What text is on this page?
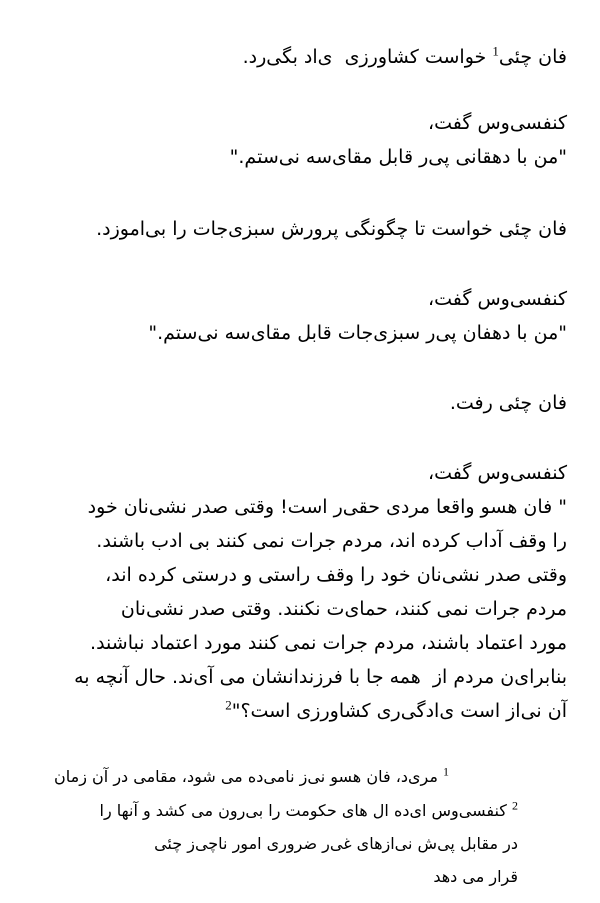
فان چئی$^1$ خواست کشاورزی  ی‌اد بگی‌رد.
کنفسی‌وس گفت،
"من با دهقانی پی‌ر قابل مقای‌سه نی‌ستم."
فان چئی خواست تا چگونگی پرورش سبزی‌جات را بی‌اموزد.
کنفسی‌وس گفت،
"من با دهفان پی‌ر سبزی‌جات قابل مقای‌سه نی‌ستم."
فان چئی رفت.
کنفسی‌وس گفت،
" فان هسو واقعا مردی حقی‌ر است! وقتی صدر نشی‌نان خود
را وقف آداب کرده اند، مردم جرات نمی کنند بی ادب باشند.
وقتی صدر نشی‌نان خود را وقف راستی و درستی کرده اند،
مردم جرات نمی کنند، حمای‌ت نکنند. وقتی صدر نشی‌نان
مورد اعتماد باشند، مردم جرات نمی کنند مورد اعتماد نباشند.
بنابرای‌ن مردم از  همه جا با فرزندانشان می آی‌ند. حال آنچه به
آن نی‌از است ی‌ادگی‌ری کشاورزی است؟"$^2$
$^1$ مری‌د، فان هسو نی‌ز نامی‌ده می شود، مقامی در آن زمان
$^2$ کنفسی‌وس ای‌ده ال های حکومت را بی‌رون می کشد و آنها را
در مقابل پی‌ش نی‌ازهای غی‌ر ضروری امور ناچی‌ز چئی
قرار می دهد
